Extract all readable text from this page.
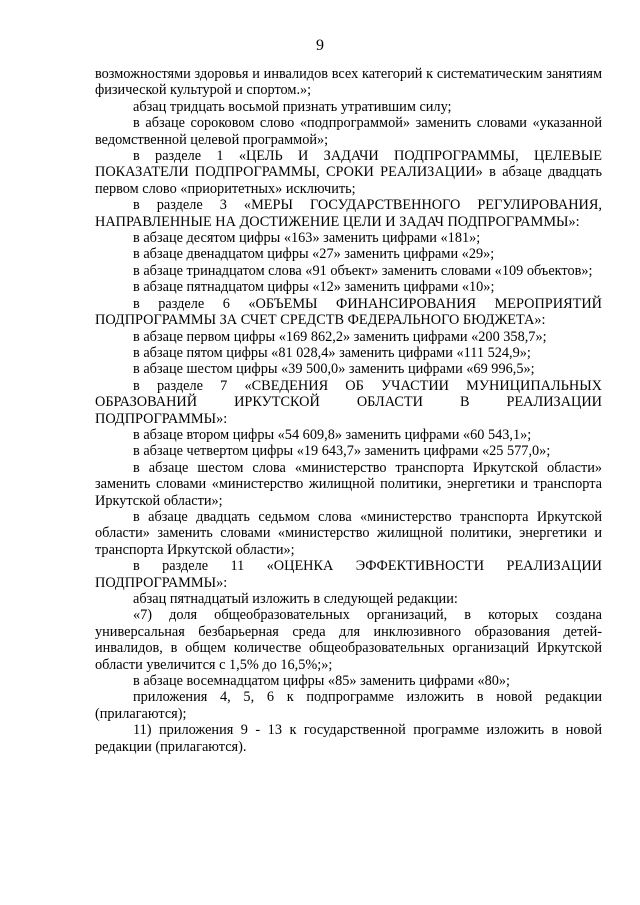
9

возможностями здоровья и инвалидов всех категорий к систематическим занятиям физической культурой и спортом.»;

абзац тридцать восьмой признать утратившим силу;

в абзаце сороковом слово «подпрограммой» заменить словами «указанной ведомственной целевой программой»;

в разделе 1 «ЦЕЛЬ И ЗАДАЧИ ПОДПРОГРАММЫ, ЦЕЛЕВЫЕ ПОКАЗАТЕЛИ ПОДПРОГРАММЫ, СРОКИ РЕАЛИЗАЦИИ» в абзаце двадцать первом слово «приоритетных» исключить;

в разделе 3 «МЕРЫ ГОСУДАРСТВЕННОГО РЕГУЛИРОВАНИЯ, НАПРАВЛЕННЫЕ НА ДОСТИЖЕНИЕ ЦЕЛИ И ЗАДАЧ ПОДПРОГРАММЫ»:

в абзаце десятом цифры «163» заменить цифрами «181»;

в абзаце двенадцатом цифры «27» заменить цифрами «29»;

в абзаце тринадцатом слова «91 объект» заменить словами «109 объектов»;

в абзаце пятнадцатом цифры «12» заменить цифрами «10»;

в разделе 6 «ОБЪЕМЫ ФИНАНСИРОВАНИЯ МЕРОПРИЯТИЙ ПОДПРОГРАММЫ ЗА СЧЕТ СРЕДСТВ ФЕДЕРАЛЬНОГО БЮДЖЕТА»:

в абзаце первом цифры «169 862,2» заменить цифрами «200 358,7»;

в абзаце пятом цифры «81 028,4» заменить цифрами «111 524,9»;

в абзаце шестом цифры «39 500,0» заменить цифрами «69 996,5»;

в разделе 7 «СВЕДЕНИЯ ОБ УЧАСТИИ МУНИЦИПАЛЬНЫХ ОБРАЗОВАНИЙ ИРКУТСКОЙ ОБЛАСТИ В РЕАЛИЗАЦИИ ПОДПРОГРАММЫ»:

в абзаце втором цифры «54 609,8» заменить цифрами «60 543,1»;

в абзаце четвертом цифры «19 643,7» заменить цифрами «25 577,0»;

в абзаце шестом слова «министерство транспорта Иркутской области» заменить словами «министерство жилищной политики, энергетики и транспорта Иркутской области»;

в абзаце двадцать седьмом слова «министерство транспорта Иркутской области» заменить словами «министерство жилищной политики, энергетики и транспорта Иркутской области»;

в разделе 11 «ОЦЕНКА ЭФФЕКТИВНОСТИ РЕАЛИЗАЦИИ ПОДПРОГРАММЫ»:

абзац пятнадцатый изложить в следующей редакции:

«7) доля общеобразовательных организаций, в которых создана универсальная безбарьерная среда для инклюзивного образования детей-инвалидов, в общем количестве общеобразовательных организаций Иркутской области увеличится с 1,5% до 16,5%;»;

в абзаце восемнадцатом цифры «85» заменить цифрами «80»;

приложения 4, 5, 6 к подпрограмме изложить в новой редакции (прилагаются);

11) приложения 9 - 13 к государственной программе изложить в новой редакции (прилагаются).
